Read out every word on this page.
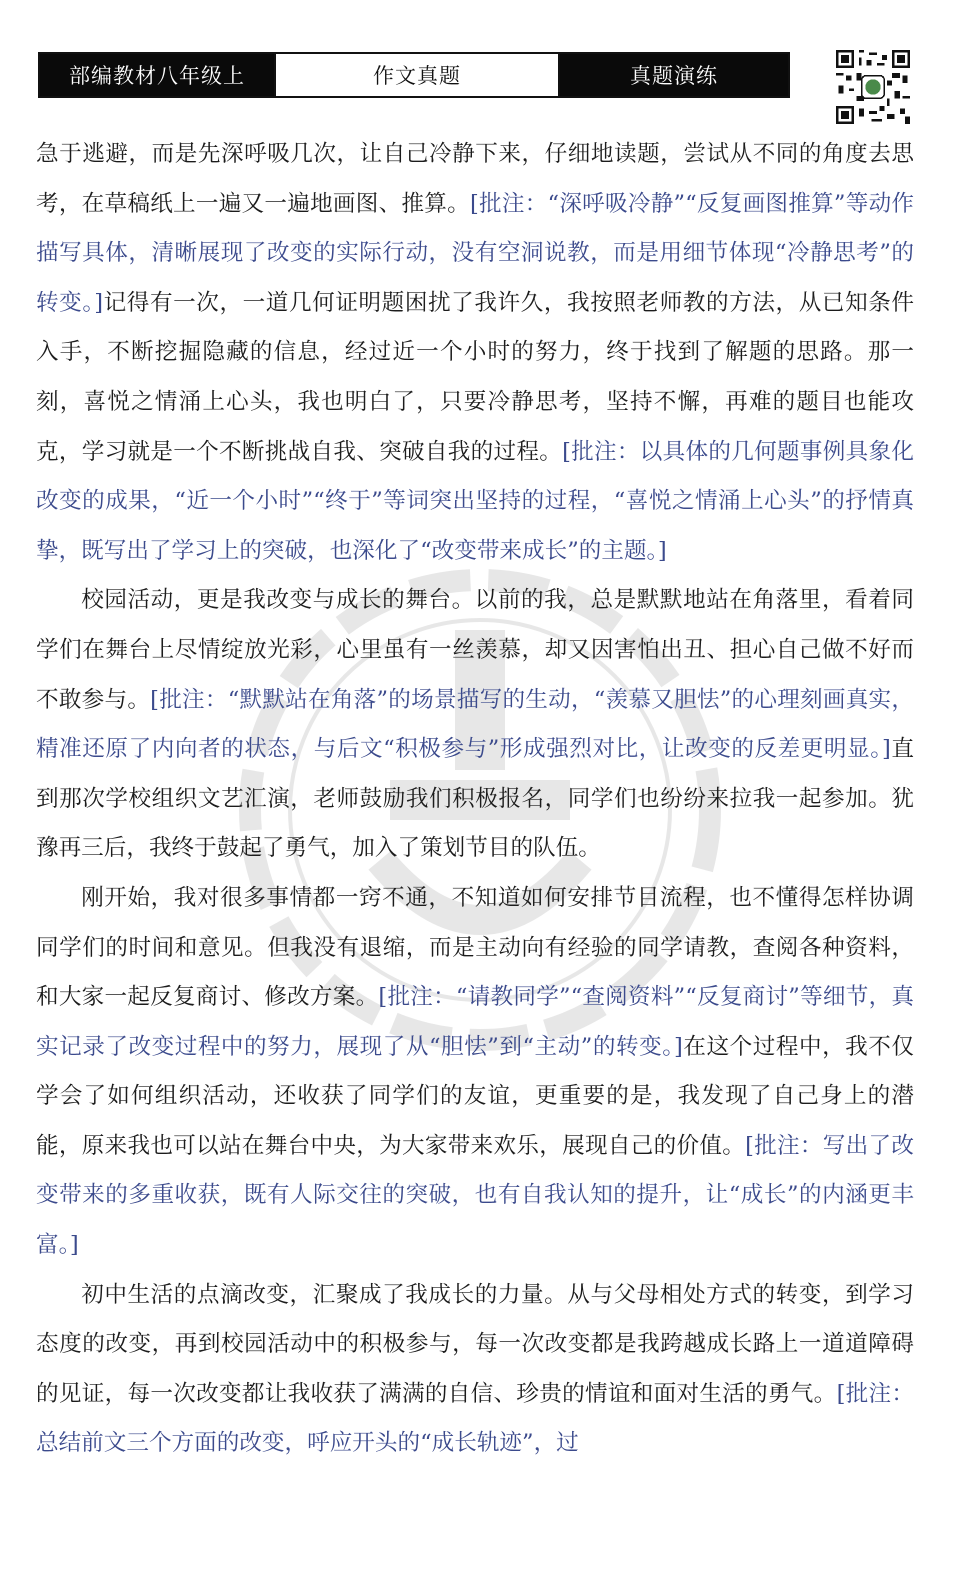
部编教材八年级上	作文真题	真题演练

急于逃避，而是先深呼吸几次，让自己冷静下来，仔细地读题，尝试从不同的角度去思考，在草稿纸上一遍又一遍地画图、推算。[批注：“深呼吸冷静”“反复画图推算”等动作描写具体，清晰展现了改变的实际行动，没有空洞说教，而是用细节体现“冷静思考”的转变。]记得有一次，一道几何证明题困扰了我许久，我按照老师教的方法，从已知条件入手，不断挖掘隐藏的信息，经过近一个小时的努力，终于找到了解题的思路。那一刻，喜悦之情涌上心头，我也明白了，只要冷静思考，坚持不懈，再难的题目也能攻克，学习就是一个不断挑战自我、突破自我的过程。[批注：以具体的几何题事例具象化改变的成果，“近一个小时”“终于”等词突出坚持的过程，“喜悦之情涌上心头”的抒情真挚，既写出了学习上的突破，也深化了“改变带来成长”的主题。]

校园活动，更是我改变与成长的舞台。以前的我，总是默默地站在角落里，看着同学们在舞台上尽情绽放光彩，心里虽有一丝羡慕，却又因害怕出丑、担心自己做不好而不敢参与。[批注：“默默站在角落”的场景描写的生动，“羡慕又胆怯”的心理刻画真实，精准还原了内向者的状态，与后文“积极参与”形成强烈对比，让改变的反差更明显。]直到那次学校组织文艺汇演，老师鼓励我们积极报名，同学们也纷纷来拉我一起参加。犹豫再三后，我终于鼓起了勇气，加入了策划节目的队伍。

刚开始，我对很多事情都一窍不通，不知道如何安排节目流程，也不懂得怎样协调同学们的时间和意见。但我没有退缩，而是主动向有经验的同学请教，查阅各种资料，和大家一起反复商讨、修改方案。[批注：“请教同学”“查阅资料”“反复商讨”等细节，真实记录了改变过程中的努力，展现了从“胆怯”到“主动”的转变。]在这个过程中，我不仅学会了如何组织活动，还收获了同学们的友谊，更重要的是，我发现了自己身上的潜能，原来我也可以站在舞台中央，为大家带来欢乐，展现自己的价值。[批注：写出了改变带来的多重收获，既有人际交往的突破，也有自我认知的提升，让“成长”的内涵更丰富。]

初中生活的点滴改变，汇聚成了我成长的力量。从与父母相处方式的转变，到学习态度的改变，再到校园活动中的积极参与，每一次改变都是我跨越成长路上一道道障碍的见证，每一次改变都让我收获了满满的自信、珍贵的情谊和面对生活的勇气。[批注：总结前文三个方面的改变，呼应开头的“成长轨迹”，过
